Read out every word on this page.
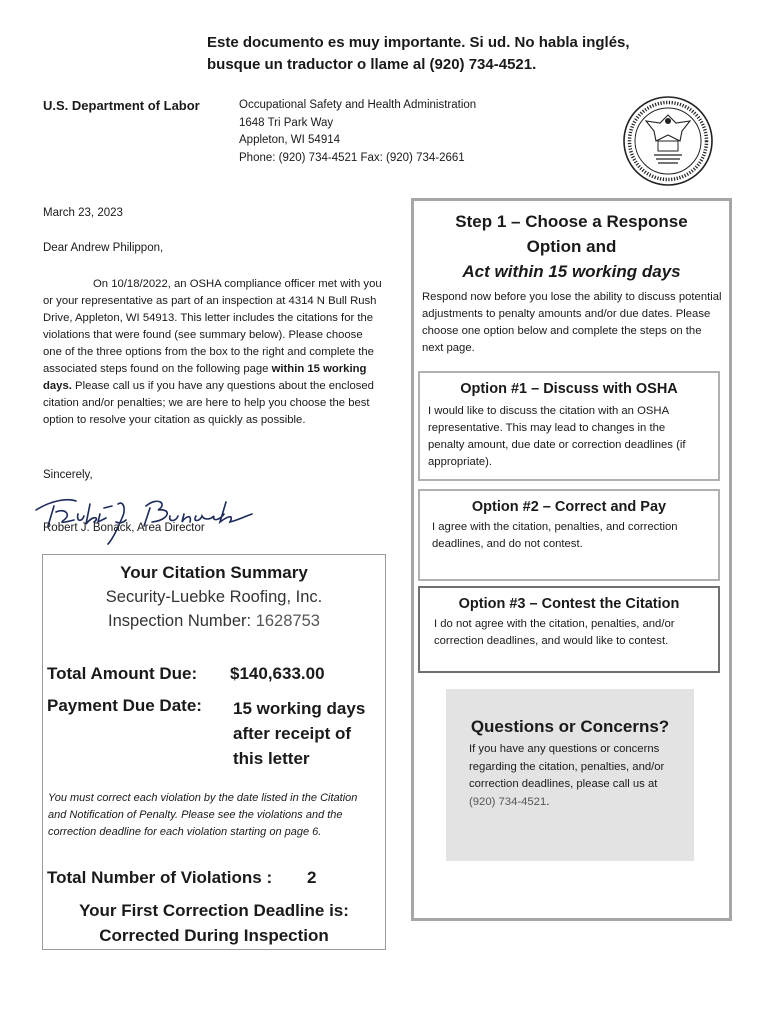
Este documento es muy importante. Si ud. No habla inglés,
busque un traductor o llame al (920) 734-4521.
U.S. Department of Labor	Occupational Safety and Health Administration
1648 Tri Park Way
Appleton, WI 54914
Phone: (920) 734-4521 Fax: (920) 734-2661
March 23, 2023
Dear Andrew Philippon,
On 10/18/2022, an OSHA compliance officer met with you or your representative as part of an inspection at 4314 N Bull Rush Drive, Appleton, WI 54913. This letter includes the citations for the violations that were found (see summary below). Please choose one of the three options from the box to the right and complete the associated steps found on the following page within 15 working days. Please call us if you have any questions about the enclosed citation and/or penalties; we are here to help you choose the best option to resolve your citation as quickly as possible.
Sincerely,
Robert J. Bonack, Area Director
Your Citation Summary
Security-Luebke Roofing, Inc.
Inspection Number: 1628753
Total Amount Due: $140,633.00
Payment Due Date: 15 working days
after receipt of
this letter
You must correct each violation by the date listed in the Citation and Notification of Penalty. Please see the violations and the correction deadline for each violation starting on page 6.
Total Number of Violations : 2
Your First Correction Deadline is:
Corrected During Inspection
Step 1 – Choose a Response
Option and
Act within 15 working days
Respond now before you lose the ability to discuss potential adjustments to penalty amounts and/or due dates. Please choose one option below and complete the steps on the next page.
Option #1 – Discuss with OSHA
I would like to discuss the citation with an OSHA representative. This may lead to changes in the penalty amount, due date or correction deadlines (if appropriate).
Option #2 – Correct and Pay
I agree with the citation, penalties, and correction deadlines, and do not contest.
Option #3 – Contest the Citation
I do not agree with the citation, penalties, and/or correction deadlines, and would like to contest.
Questions or Concerns?
If you have any questions or concerns regarding the citation, penalties, and/or correction deadlines, please call us at (920) 734-4521.
